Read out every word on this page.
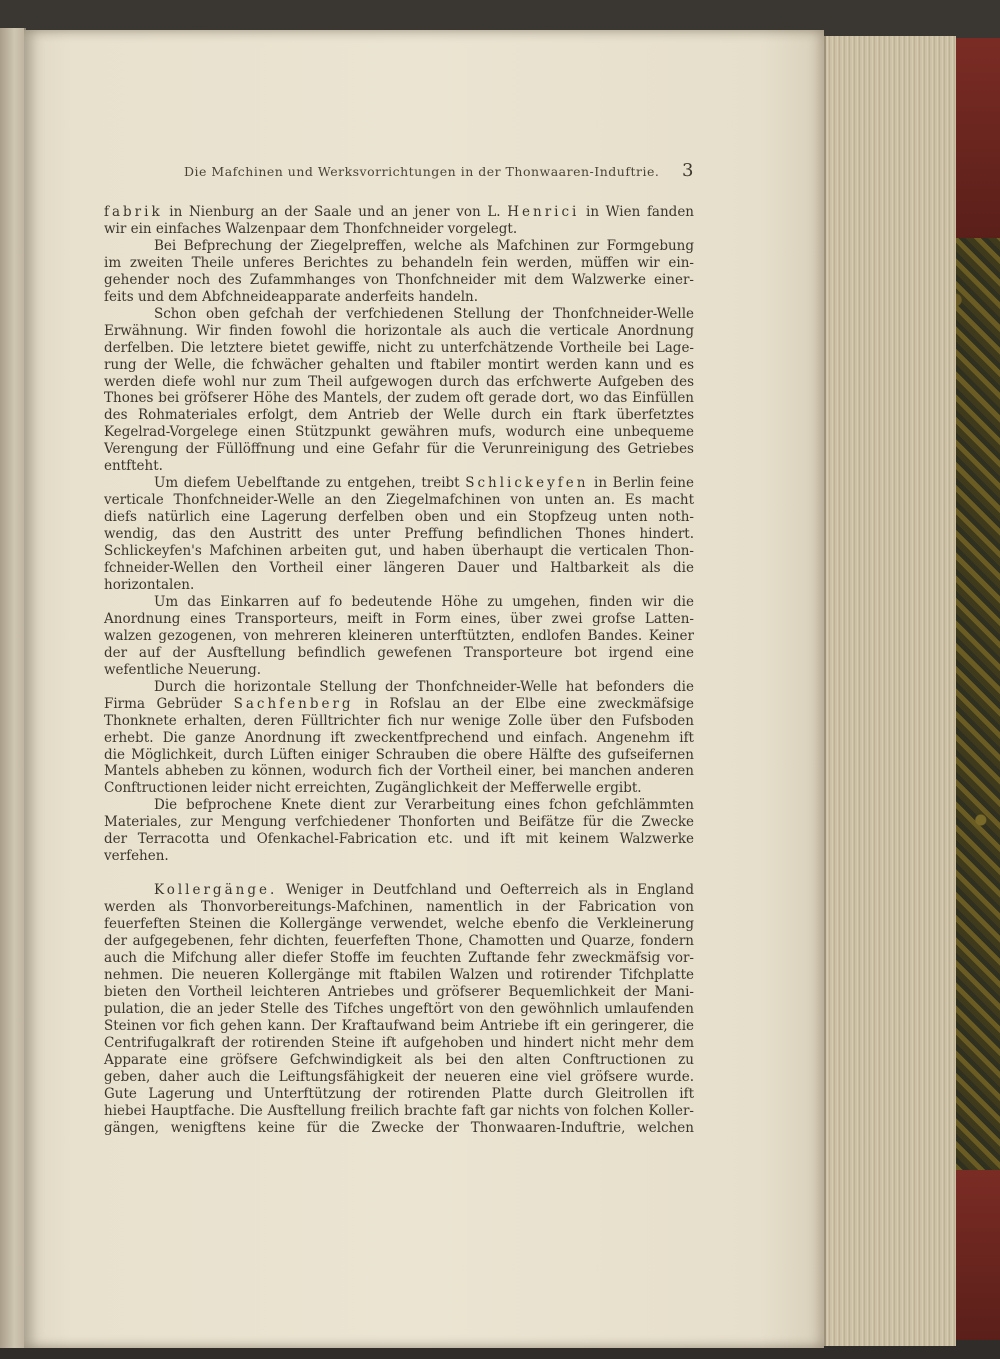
Die Mafchinen und Werksvorrichtungen in der Thonwaaren-Induftrie. 3

fabrik in Nienburg an der Saale und an jener von L. Henrici in Wien fanden

wir ein einfaches Walzenpaar dem Thonfchneider vorgelegt.

Bei Befprechung der Ziegelpreffen, welche als Mafchinen zur Formgebung

im zweiten Theile unferes Berichtes zu behandeln fein werden, müffen wir ein-

gehender noch des Zufammhanges von Thonfchneider mit dem Walzwerke einer-

feits und dem Abfchneideapparate anderfeits handeln.

Schon oben gefchah der verfchiedenen Stellung der Thonfchneider-Welle

Erwähnung. Wir finden fowohl die horizontale als auch die verticale Anordnung

derfelben. Die letztere bietet gewiffe, nicht zu unterfchätzende Vortheile bei Lage-

rung der Welle, die fchwächer gehalten und ftabiler montirt werden kann und es

werden diefe wohl nur zum Theil aufgewogen durch das erfchwerte Aufgeben des

Thones bei gröfserer Höhe des Mantels, der zudem oft gerade dort, wo das Einfüllen

des Rohmateriales erfolgt, dem Antrieb der Welle durch ein ftark überfetztes

Kegelrad-Vorgelege einen Stützpunkt gewähren mufs, wodurch eine unbequeme

Verengung der Füllöffnung und eine Gefahr für die Verunreinigung des Getriebes

entfteht.

Um diefem Uebelftande zu entgehen, treibt Schlickeyfen in Berlin feine

verticale Thonfchneider-Welle an den Ziegelmafchinen von unten an. Es macht

diefs natürlich eine Lagerung derfelben oben und ein Stopfzeug unten noth-

wendig, das den Austritt des unter Preffung befindlichen Thones hindert.

Schlickeyfen's Mafchinen arbeiten gut, und haben überhaupt die verticalen Thon-

fchneider-Wellen den Vortheil einer längeren Dauer und Haltbarkeit als die

horizontalen.

Um das Einkarren auf fo bedeutende Höhe zu umgehen, finden wir die

Anordnung eines Transporteurs, meift in Form eines, über zwei grofse Latten-

walzen gezogenen, von mehreren kleineren unterftützten, endlofen Bandes. Keiner

der auf der Ausftellung befindlich gewefenen Transporteure bot irgend eine

wefentliche Neuerung.

Durch die horizontale Stellung der Thonfchneider-Welle hat befonders die

Firma Gebrüder Sachfenberg in Rofslau an der Elbe eine zweckmäfsige

Thonknete erhalten, deren Fülltrichter fich nur wenige Zolle über den Fufsboden

erhebt. Die ganze Anordnung ift zweckentfprechend und einfach. Angenehm ift

die Möglichkeit, durch Lüften einiger Schrauben die obere Hälfte des gufseifernen

Mantels abheben zu können, wodurch fich der Vortheil einer, bei manchen anderen

Conftructionen leider nicht erreichten, Zugänglichkeit der Mefferwelle ergibt.

Die befprochene Knete dient zur Verarbeitung eines fchon gefchlämmten

Materiales, zur Mengung verfchiedener Thonforten und Beifätze für die Zwecke

der Terracotta und Ofenkachel-Fabrication etc. und ift mit keinem Walzwerke

verfehen.

Kollergänge. Weniger in Deutfchland und Oefterreich als in England

werden als Thonvorbereitungs-Mafchinen, namentlich in der Fabrication von

feuerfeften Steinen die Kollergänge verwendet, welche ebenfo die Verkleinerung

der aufgegebenen, fehr dichten, feuerfeften Thone, Chamotten und Quarze, fondern

auch die Mifchung aller diefer Stoffe im feuchten Zuftande fehr zweckmäfsig vor-

nehmen. Die neueren Kollergänge mit ftabilen Walzen und rotirender Tifchplatte

bieten den Vortheil leichteren Antriebes und gröfserer Bequemlichkeit der Mani-

pulation, die an jeder Stelle des Tifches ungeftört von den gewöhnlich umlaufenden

Steinen vor fich gehen kann. Der Kraftaufwand beim Antriebe ift ein geringerer, die

Centrifugalkraft der rotirenden Steine ift aufgehoben und hindert nicht mehr dem

Apparate eine gröfsere Gefchwindigkeit als bei den alten Conftructionen zu

geben, daher auch die Leiftungsfähigkeit der neueren eine viel gröfsere wurde.

Gute Lagerung und Unterftützung der rotirenden Platte durch Gleitrollen ift

hiebei Hauptfache. Die Ausftellung freilich brachte faft gar nichts von folchen Koller-

gängen, wenigftens keine für die Zwecke der Thonwaaren-Induftrie, welchen
